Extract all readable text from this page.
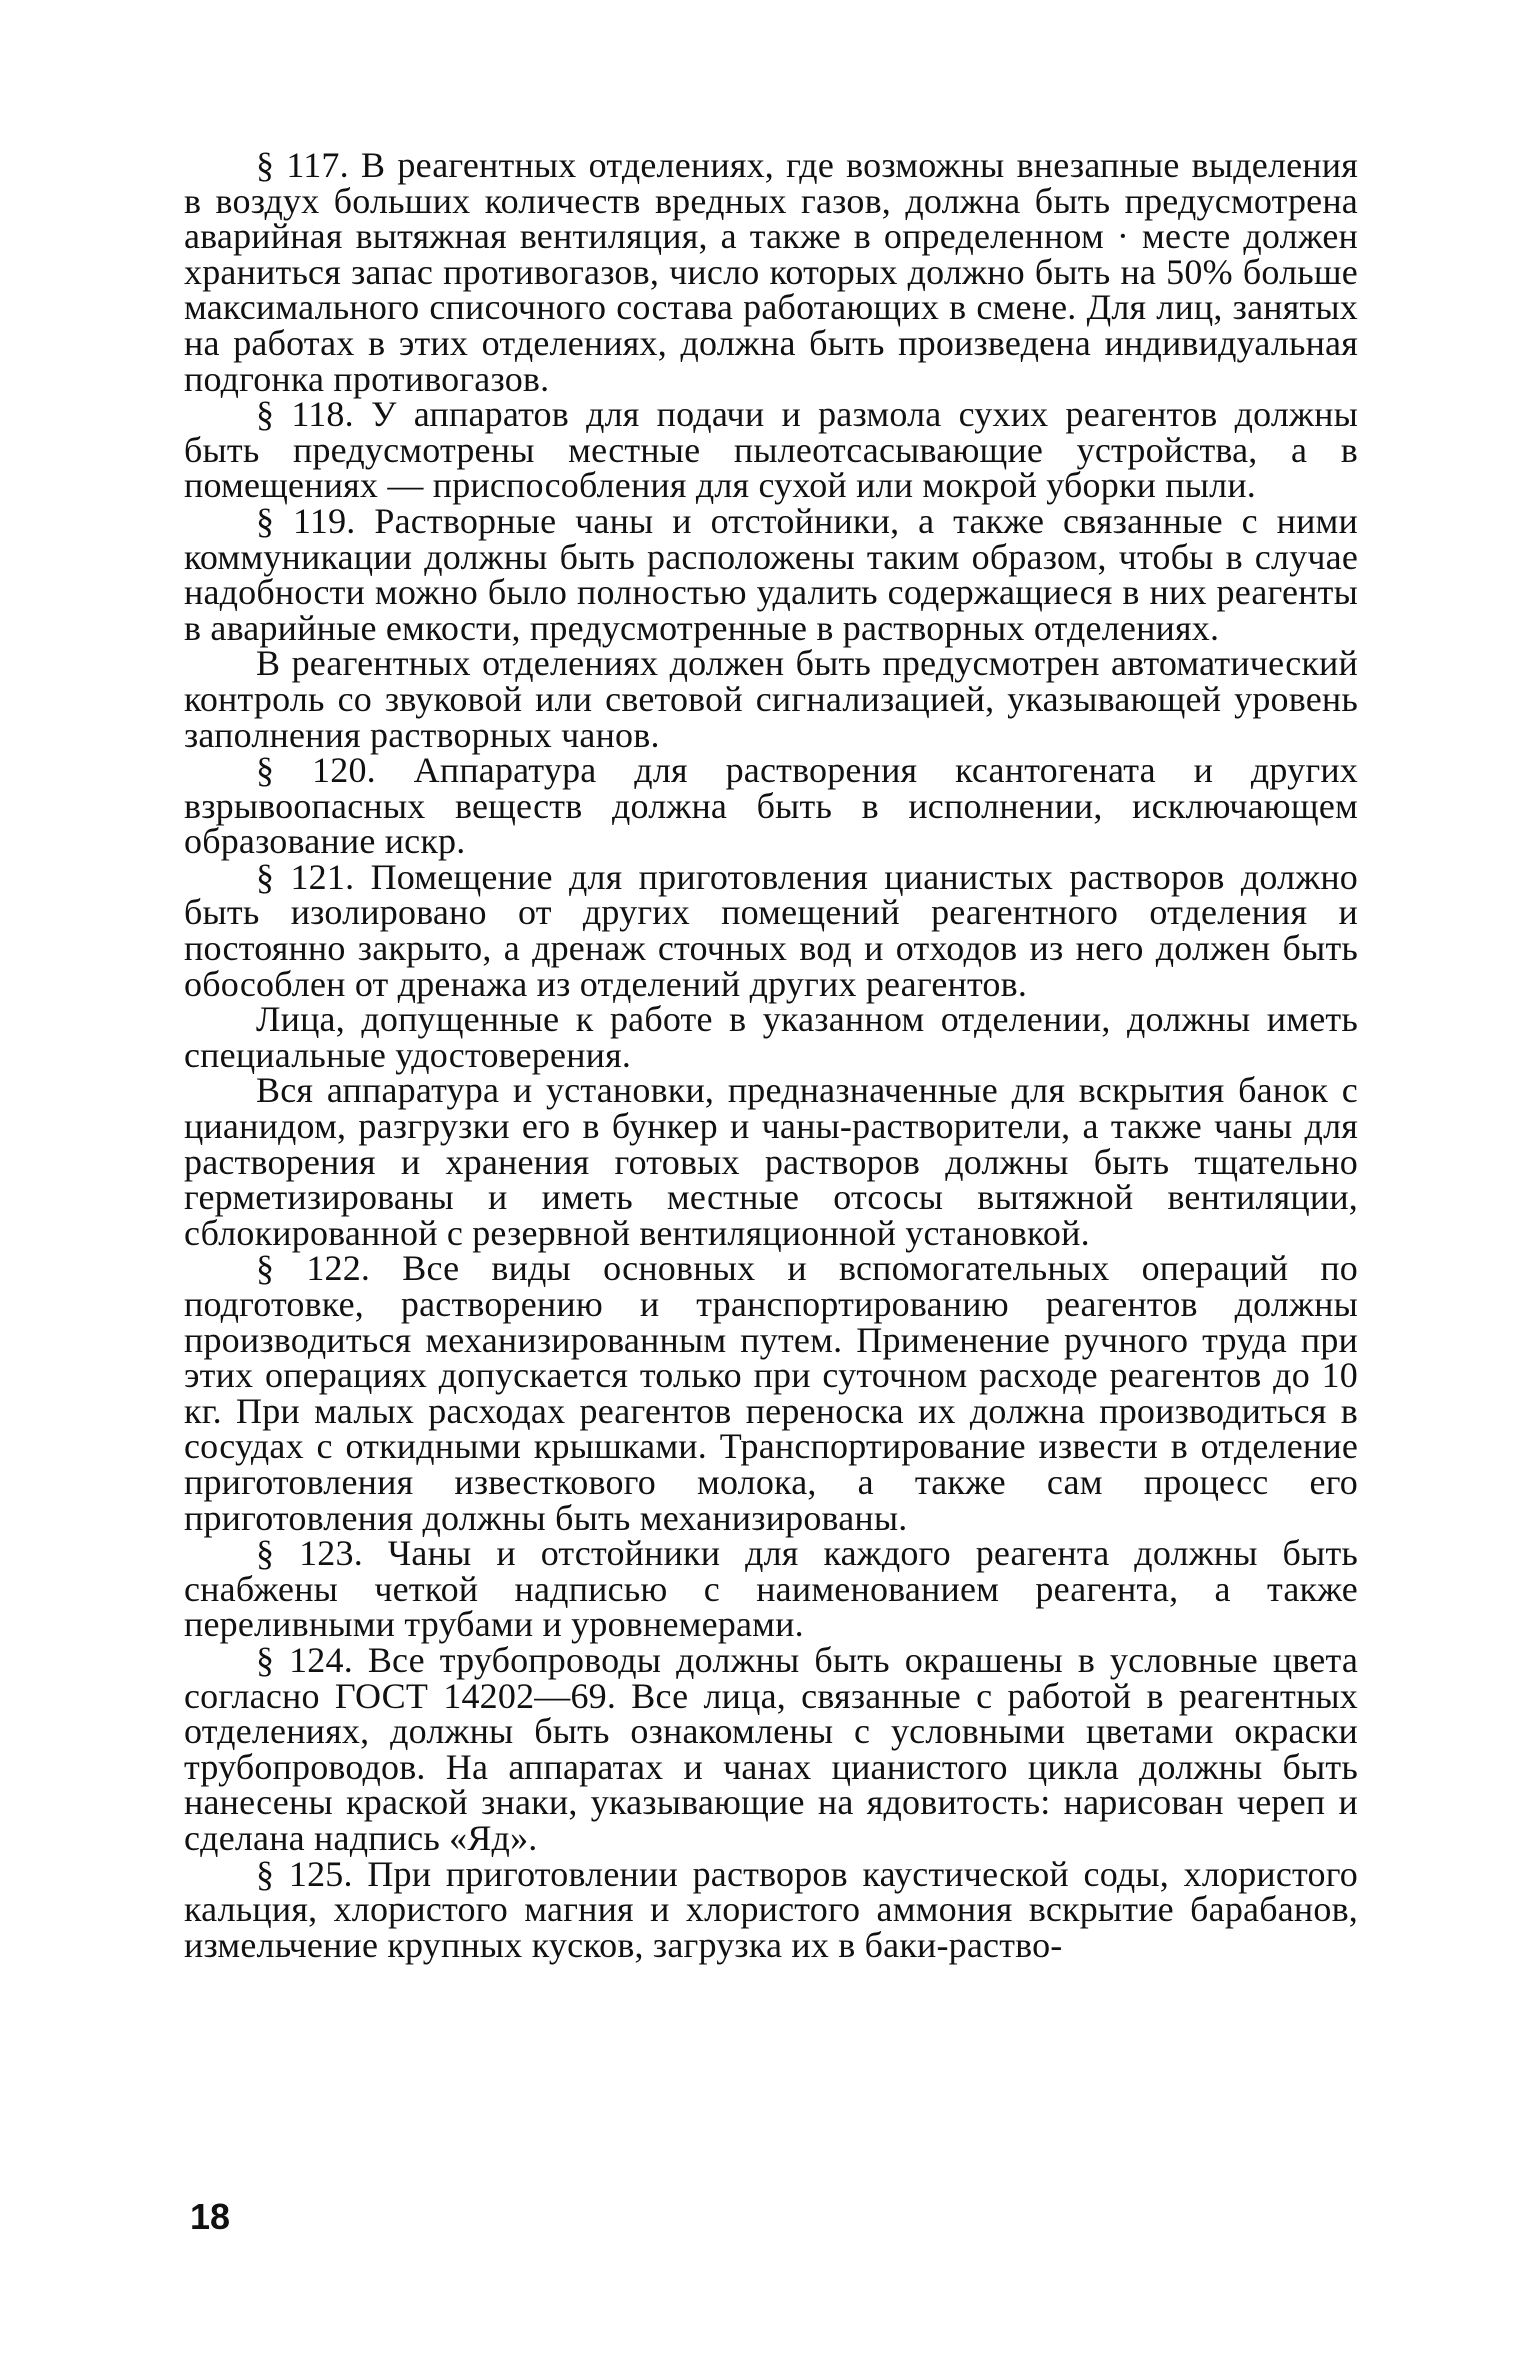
§ 117. В реагентных отделениях, где возможны внезапные выделения в воздух больших количеств вредных газов, должна быть предусмотрена аварийная вытяжная вентиляция, а также в определенном · месте должен храниться запас противогазов, число которых должно быть на 50% больше максимального списочного состава работающих в смене. Для лиц, занятых на работах в этих отделениях, должна быть произведена индивидуальная подгонка противогазов.

§ 118. У аппаратов для подачи и размола сухих реагентов должны быть предусмотрены местные пылеотсасывающие устройства, а в помещениях — приспособления для сухой или мокрой уборки пыли.

§ 119. Растворные чаны и отстойники, а также связанные с ними коммуникации должны быть расположены таким образом, чтобы в случае надобности можно было полностью удалить содержащиеся в них реагенты в аварийные емкости, предусмотренные в растворных отделениях.

В реагентных отделениях должен быть предусмотрен автоматический контроль со звуковой или световой сигнализацией, указывающей уровень заполнения растворных чанов.

§ 120. Аппаратура для растворения ксантогената и других взрывоопасных веществ должна быть в исполнении, исключающем образование искр.

§ 121. Помещение для приготовления цианистых растворов должно быть изолировано от других помещений реагентного отделения и постоянно закрыто, а дренаж сточных вод и отходов из него должен быть обособлен от дренажа из отделений других реагентов.

Лица, допущенные к работе в указанном отделении, должны иметь специальные удостоверения.

Вся аппаратура и установки, предназначенные для вскрытия банок с цианидом, разгрузки его в бункер и чаны-растворители, а также чаны для растворения и хранения готовых растворов должны быть тщательно герметизированы и иметь местные отсосы вытяжной вентиляции, сблокированной с резервной вентиляционной установкой.

§ 122. Все виды основных и вспомогательных операций по подготовке, растворению и транспортированию реагентов должны производиться механизированным путем. Применение ручного труда при этих операциях допускается только при суточном расходе реагентов до 10 кг. При малых расходах реагентов переноска их должна производиться в сосудах с откидными крышками. Транспортирование извести в отделение приготовления известкового молока, а также сам процесс его приготовления должны быть механизированы.

§ 123. Чаны и отстойники для каждого реагента должны быть снабжены четкой надписью с наименованием реагента, а также переливными трубами и уровнемерами.

§ 124. Все трубопроводы должны быть окрашены в условные цвета согласно ГОСТ 14202—69. Все лица, связанные с работой в реагентных отделениях, должны быть ознакомлены с условными цветами окраски трубопроводов. На аппаратах и чанах цианистого цикла должны быть нанесены краской знаки, указывающие на ядовитость: нарисован череп и сделана надпись «Яд».

§ 125. При приготовлении растворов каустической соды, хлористого кальция, хлористого магния и хлористого аммония вскрытие барабанов, измельчение крупных кусков, загрузка их в баки-раство-

18
